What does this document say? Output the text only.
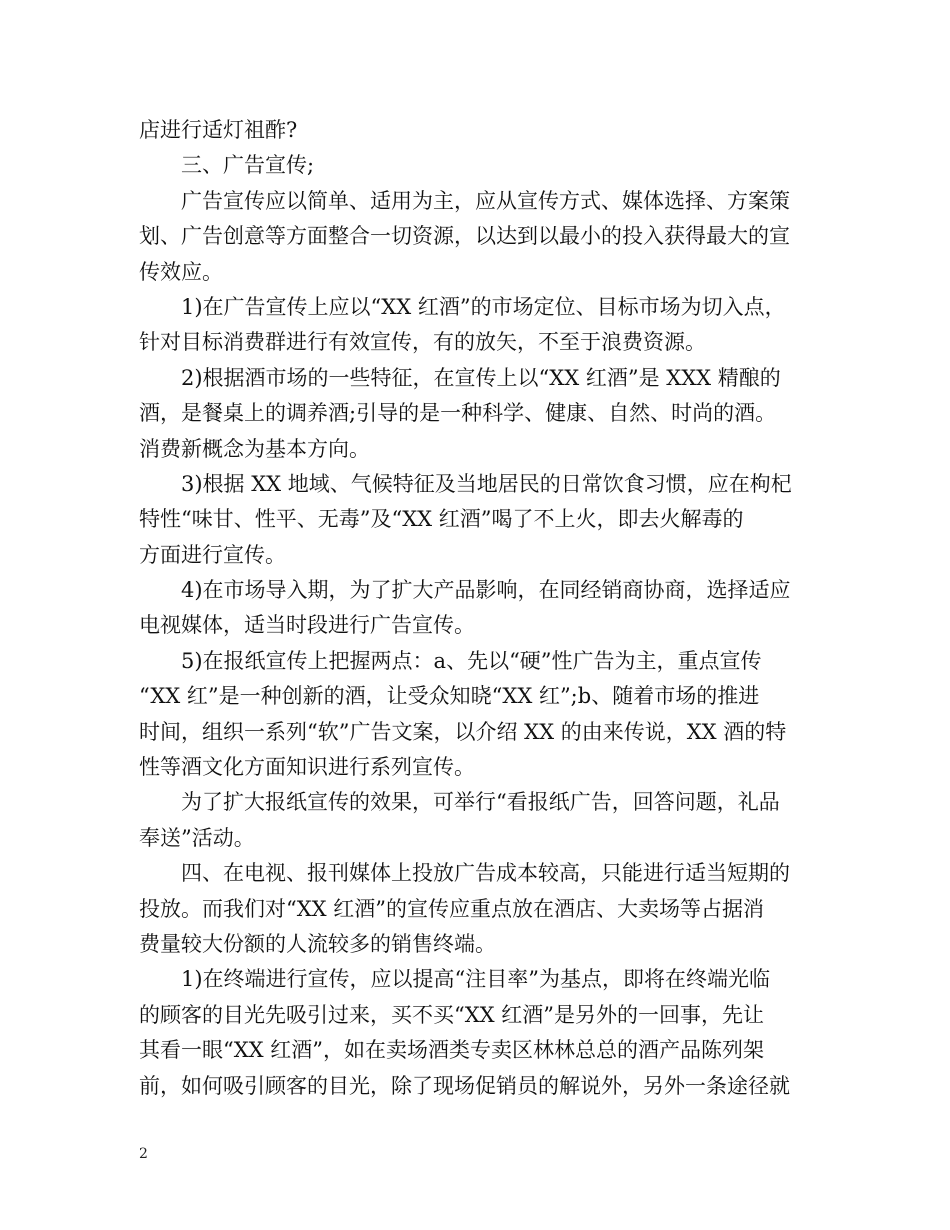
店进行适灯祖酢?
三、广告宣传;
广告宣传应以简单、适用为主，应从宣传方式、媒体选择、方案策
划、广告创意等方面整合一切资源，以达到以最小的投入获得最大的宣
传效应。
1)在广告宣传上应以“XX 红酒”的市场定位、目标市场为切入点，
针对目标消费群进行有效宣传，有的放矢，不至于浪费资源。
2)根据酒市场的一些特征，在宣传上以“XX 红酒”是 XXX 精酿的
酒，是餐桌上的调养酒;引导的是一种科学、健康、自然、时尚的酒。
消费新概念为基本方向。
3)根据 XX 地域、气候特征及当地居民的日常饮食习惯，应在枸杞
特性“味甘、性平、无毒”及“XX 红酒”喝了不上火，即去火解毒的
方面进行宣传。
4)在市场导入期，为了扩大产品影响，在同经销商协商，选择适应
电视媒体，适当时段进行广告宣传。
5)在报纸宣传上把握两点：a、先以“硬”性广告为主，重点宣传
“XX 红”是一种创新的酒，让受众知晓“XX 红”;b、随着市场的推进
时间，组织一系列“软”广告文案，以介绍 XX 的由来传说，XX 酒的特
性等酒文化方面知识进行系列宣传。
为了扩大报纸宣传的效果，可举行“看报纸广告，回答问题，礼品
奉送”活动。
四、在电视、报刊媒体上投放广告成本较高，只能进行适当短期的
投放。而我们对“XX 红酒”的宣传应重点放在酒店、大卖场等占据消
费量较大份额的人流较多的销售终端。
1)在终端进行宣传，应以提高“注目率”为基点，即将在终端光临
的顾客的目光先吸引过来，买不买“XX 红酒”是另外的一回事，先让
其看一眼“XX 红酒”，如在卖场酒类专卖区林林总总的酒产品陈列架
前，如何吸引顾客的目光，除了现场促销员的解说外，另外一条途径就
2
